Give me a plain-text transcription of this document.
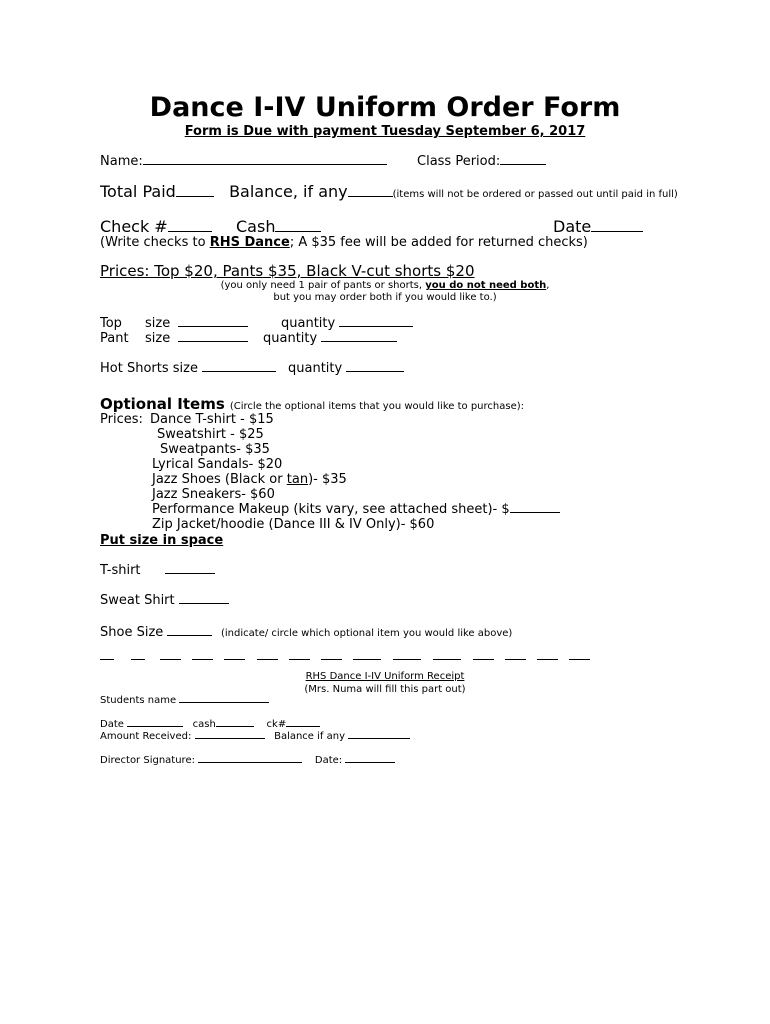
Dance I-IV Uniform Order Form
Form is Due with payment Tuesday September 6, 2017
Name:	Class Period:
Total Paid	Balance, if any	(items will not be ordered or passed out until paid in full)
Check #	Cash	Date
(Write checks to RHS Dance; A $35 fee will be added for returned checks)
Prices: Top $20, Pants $35, Black V-cut shorts $20
(you only need 1 pair of pants or shorts, you do not need both,
but you may order both if you would like to.)
Top size	quantity
Pant size	quantity
Hot Shorts size	quantity
Optional Items (Circle the optional items that you would like to purchase):
Prices: Dance T-shirt - $15
Sweatshirt - $25
Sweatpants- $35
Lyrical Sandals- $20
Jazz Shoes (Black or tan)- $35
Jazz Sneakers- $60
Performance Makeup (kits vary, see attached sheet)- $
Zip Jacket/hoodie (Dance III & IV Only)- $60
Put size in space
T-shirt
Sweat Shirt
Shoe Size	(indicate/ circle which optional item you would like above)
RHS Dance I-IV Uniform Receipt
(Mrs. Numa will fill this part out)
Students name
Date	cash	ck#
Amount Received:	Balance if any
Director Signature:	Date:
